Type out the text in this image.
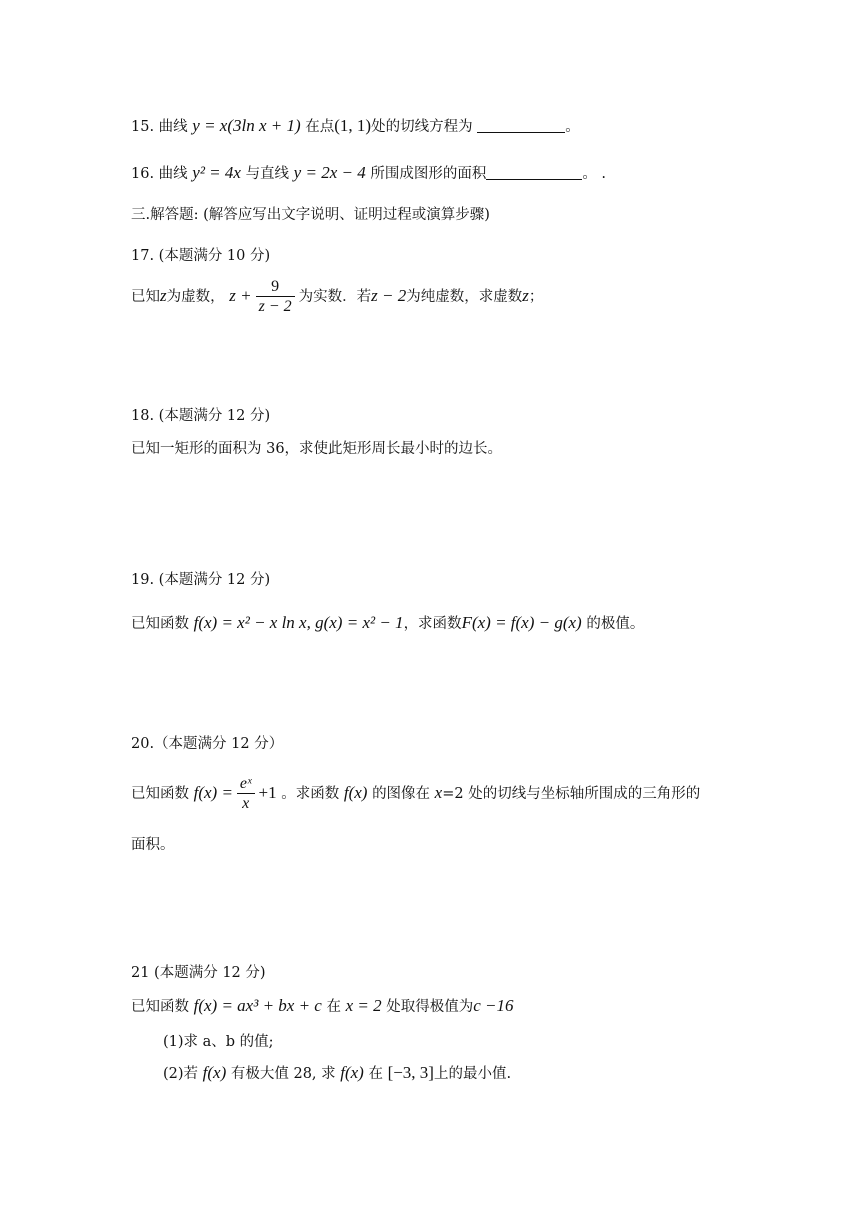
15. 曲线 y = x(3ln x + 1) 在点(1, 1)处的切线方程为	。
16. 曲线 y² = 4x 与直线 y = 2x − 4 所围成图形的面积	。 .
三.解答题: (解答应写出文字说明、证明过程或演算步骤)
17. (本题满分 10 分)
已知z为虚数， $z + \frac{9}{z - 2}$ 为实数．若z − 2为纯虚数，求虚数z；
18. (本题满分 12 分)
已知一矩形的面积为 36，求使此矩形周长最小时的边长。
19. (本题满分 12 分)
已知函数 f(x) = x² − x ln x, g(x) = x² − 1，求函数F(x) = f(x) − g(x) 的极值。
20.（本题满分 12 分）
已知函数 $f(x) = \frac{\text{eˣ}}{x} +1$ 。求函数 f(x) 的图像在 x=2 处的切线与坐标轴所围成的三角形的
面积。
21 (本题满分 12 分)
已知函数 f(x) = ax³ + bx + c 在 x = 2 处取得极值为c −16
(1)求 a、b 的值;
(2)若 f(x) 有极大值 28, 求 f(x) 在 [−3, 3]上的最小值.
